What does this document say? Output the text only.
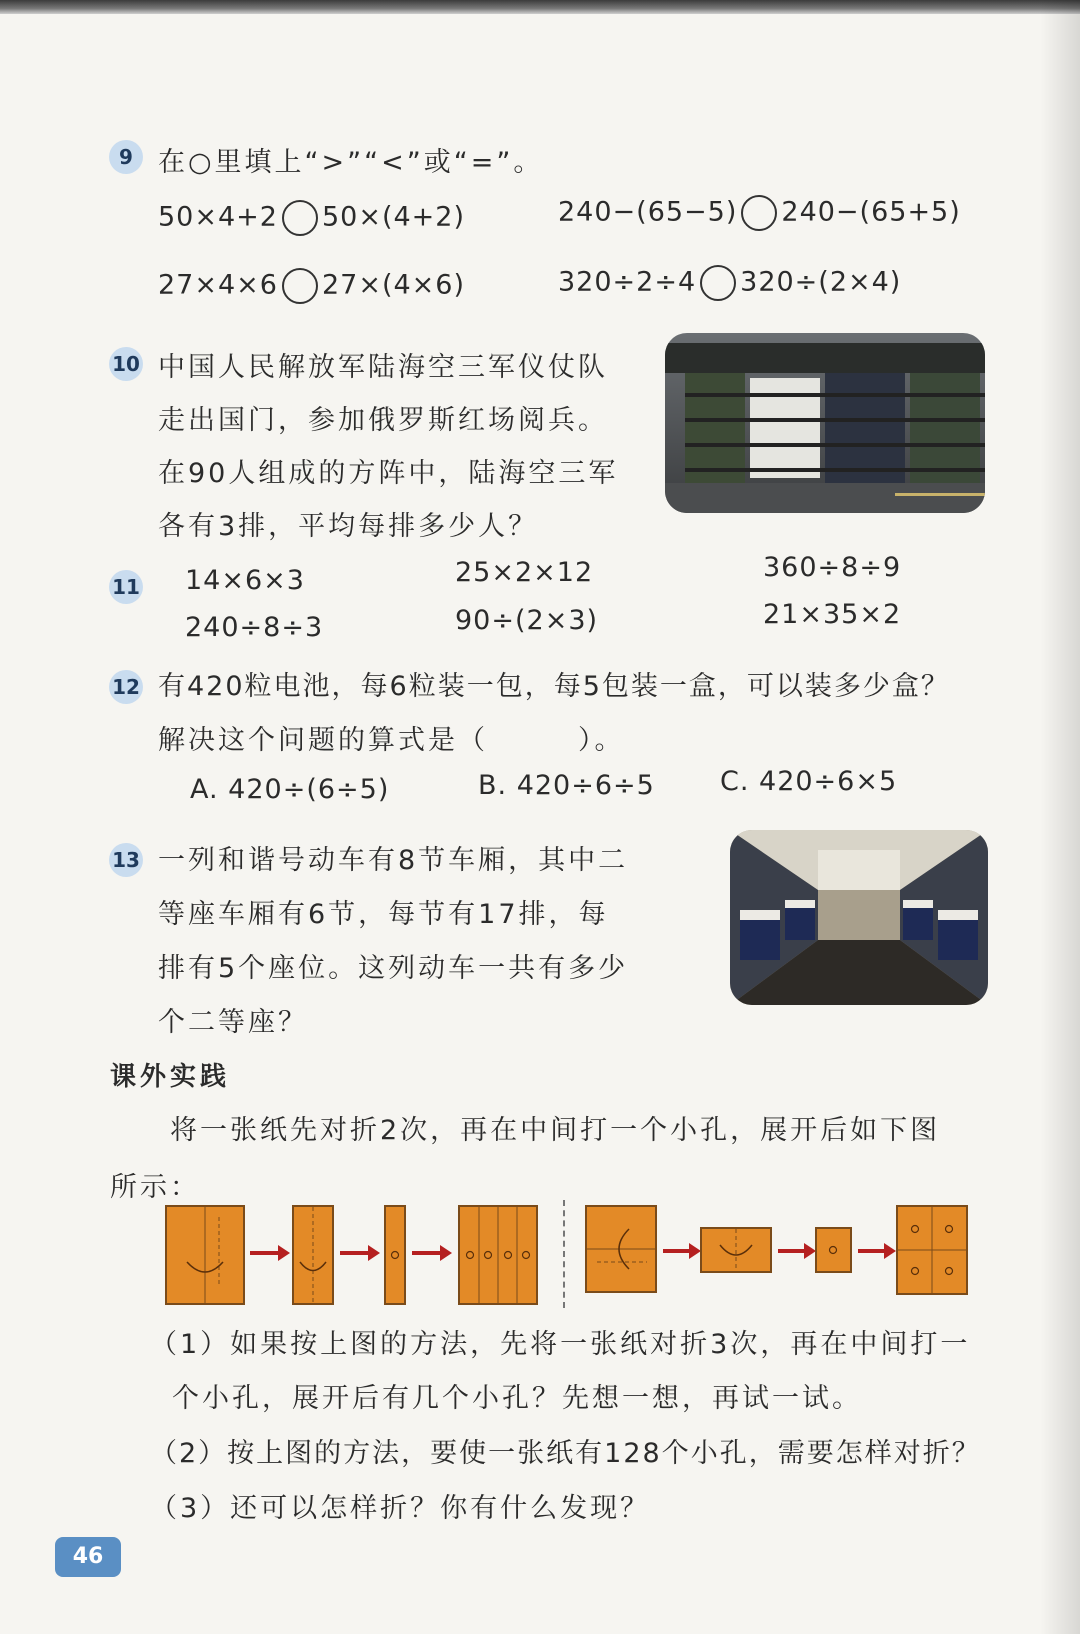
9 在○里填上“>”“<”或“=”。
50×4+2 50×(4+2)	240−(65−5) 240−(65+5)
27×4×6 27×(4×6)	320÷2÷4 320÷(2×4)
10 中国人民解放军陆海空三军仪仗队
走出国门，参加俄罗斯红场阅兵。
在90人组成的方阵中，陆海空三军
各有3排，平均每排多少人？
11 14×6×3	25×2×12	360÷8÷9
240÷8÷3	90÷(2×3)	21×35×2
12 有420粒电池，每6粒装一包，每5包装一盒，可以装多少盒？
解决这个问题的算式是（　　　）。
A. 420÷(6÷5)	B. 420÷6÷5 C. 420÷6×5
13 一列和谐号动车有8节车厢，其中二
等座车厢有6节，每节有17排，每
排有5个座位。这列动车一共有多少
个二等座？
课外实践
将一张纸先对折2次，再在中间打一个小孔，展开后如下图
所示：
（1）如果按上图的方法，先将一张纸对折3次，再在中间打一
个小孔，展开后有几个小孔？先想一想，再试一试。
（2）按上图的方法，要使一张纸有128个小孔，需要怎样对折？
（3）还可以怎样折？你有什么发现？
46
